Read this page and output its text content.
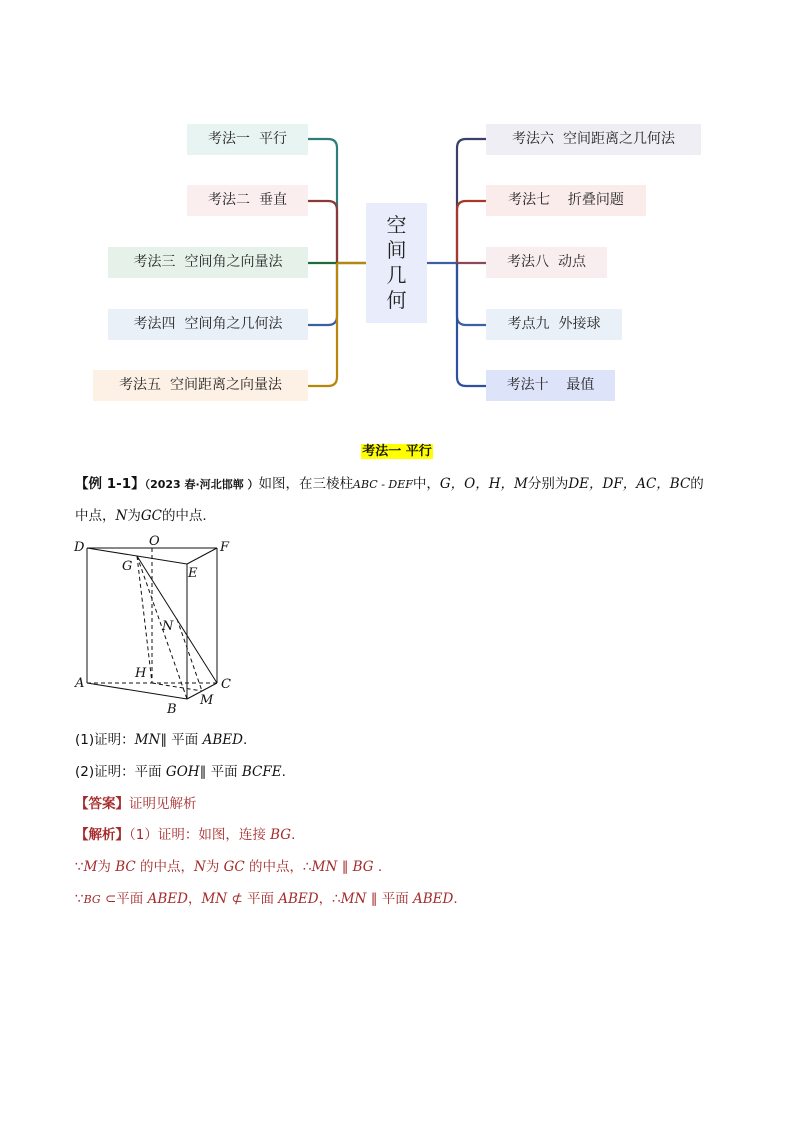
考法一  平行
考法二  垂直
考法三  空间角之向量法
考法四  空间角之几何法
考法五  空间距离之向量法
空
间
几
何
考法六  空间距离之几何法
考法七    折叠问题
考法八  动点
考点九  外接球
考法十    最值
考法一 平行
【例 1-1】（2023 春·河北邯郸 ）如图，在三棱柱ABC - DEF中，G，O，H，M分别为DE，DF，AC，BC的
中点，N为GC的中点.
D	O	F
G	E
N
A
H
C
M
B
(1)证明：MN∥ 平面 ABED.
(2)证明：平面 GOH∥ 平面 BCFE.
【答案】证明见解析
【解析】（1）证明：如图，连接 BG.
∵M为 BC 的中点，N为 GC 的中点，∴MN ∥ BG .
∵BG ⊂平面 ABED，MN ⊄ 平面 ABED，∴MN ∥ 平面 ABED.
